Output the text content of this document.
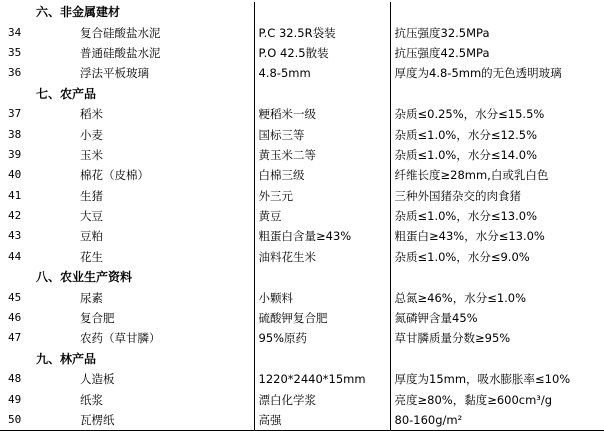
	六、非金属建材		
34	复合硅酸盐水泥	P.C 32.5R袋装	抗压强度32.5MPa
35	普通硅酸盐水泥	P.O 42.5散装	抗压强度42.5MPa
36	浮法平板玻璃	4.8-5mm	厚度为4.8-5mm的无色透明玻璃
	七、农产品		
37	稻米	粳稻米一级	杂质≤0.25%，水分≤15.5%
38	小麦	国标三等	杂质≤1.0%，水分≤12.5%
39	玉米	黄玉米二等	杂质≤1.0%，水分≤14.0%
40	棉花（皮棉）	白棉三级	纤维长度≥28mm,白或乳白色
41	生猪	外三元	三种外国猪杂交的肉食猪
42	大豆	黄豆	杂质≤1.0%，水分≤13.0%
43	豆粕	粗蛋白含量≥43%	粗蛋白≥43%，水分≤13.0%
44	花生	油料花生米	杂质≤1.0%，水分≤9.0%
	八、农业生产资料		
45	尿素	小颗料	总氮≥46%，水分≤1.0%
46	复合肥	硫酸钾复合肥	氮磷钾含量45%
47	农药（草甘膦）	95%原药	草甘膦质量分数≥95%
	九、林产品		
48	人造板	1220*2440*15mm	厚度为15mm，吸水膨胀率≤10%
49	纸浆	漂白化学浆	亮度≥80%，黏度≥600cm³/g
50	瓦楞纸	高强	80-160g/m²
